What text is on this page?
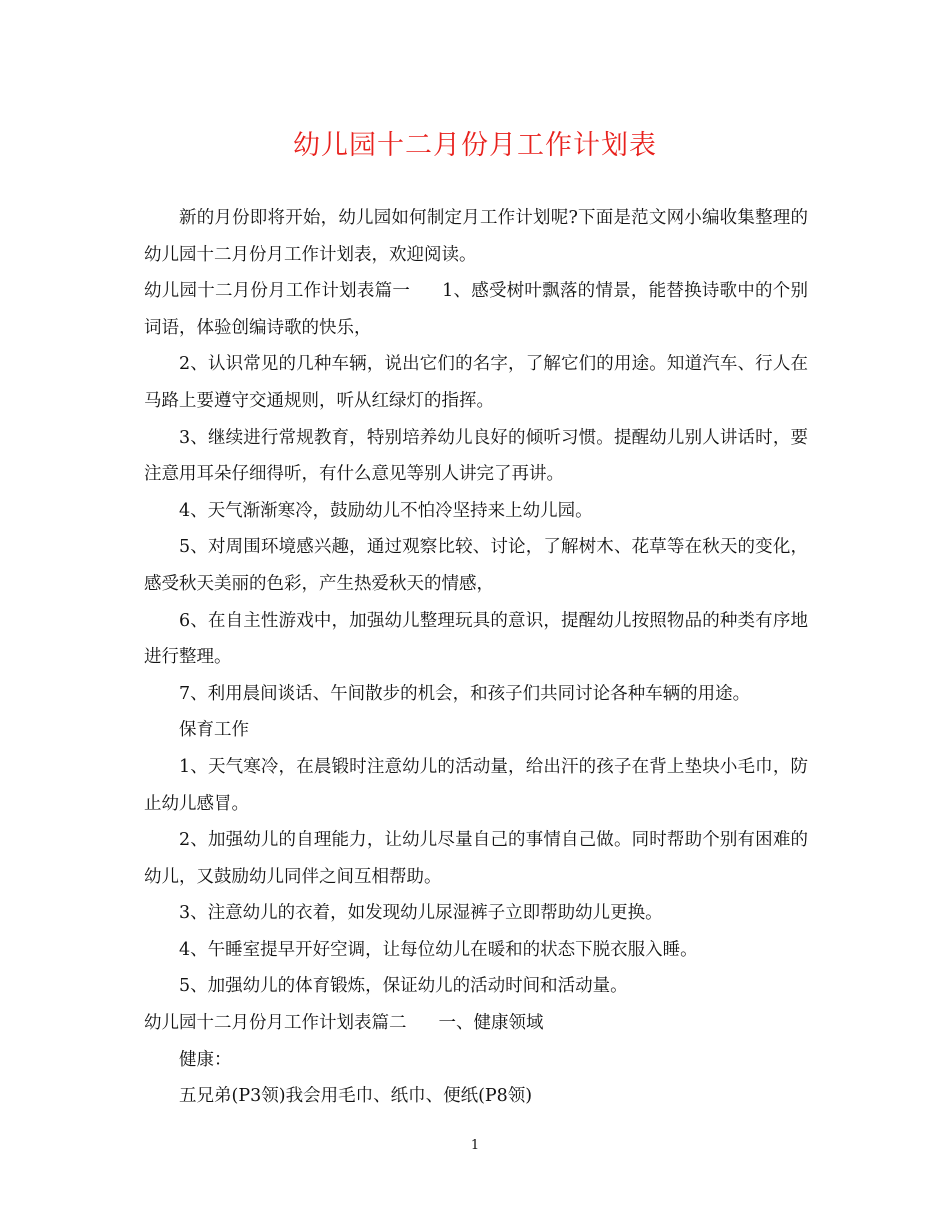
幼儿园十二月份月工作计划表

新的月份即将开始，幼儿园如何制定月工作计划呢?下面是范文网小编收集整理的幼儿园十二月份月工作计划表，欢迎阅读。

幼儿园十二月份月工作计划表篇一 1、感受树叶飘落的情景，能替换诗歌中的个别词语，体验创编诗歌的快乐，

2、认识常见的几种车辆，说出它们的名字，了解它们的用途。知道汽车、行人在马路上要遵守交通规则，听从红绿灯的指挥。

3、继续进行常规教育，特别培养幼儿良好的倾听习惯。提醒幼儿别人讲话时，要注意用耳朵仔细得听，有什么意见等别人讲完了再讲。

4、天气渐渐寒冷，鼓励幼儿不怕冷坚持来上幼儿园。

5、对周围环境感兴趣，通过观察比较、讨论，了解树木、花草等在秋天的变化，感受秋天美丽的色彩，产生热爱秋天的情感，

6、在自主性游戏中，加强幼儿整理玩具的意识，提醒幼儿按照物品的种类有序地进行整理。

7、利用晨间谈话、午间散步的机会，和孩子们共同讨论各种车辆的用途。

保育工作

1、天气寒冷，在晨锻时注意幼儿的活动量，给出汗的孩子在背上垫块小毛巾，防止幼儿感冒。

2、加强幼儿的自理能力，让幼儿尽量自己的事情自己做。同时帮助个别有困难的幼儿，又鼓励幼儿同伴之间互相帮助。

3、注意幼儿的衣着，如发现幼儿尿湿裤子立即帮助幼儿更换。

4、午睡室提早开好空调，让每位幼儿在暖和的状态下脱衣服入睡。

5、加强幼儿的体育锻炼，保证幼儿的活动时间和活动量。

幼儿园十二月份月工作计划表篇二 一、健康领域

健康：

五兄弟(P3领)我会用毛巾、纸巾、便纸(P8领)

1
